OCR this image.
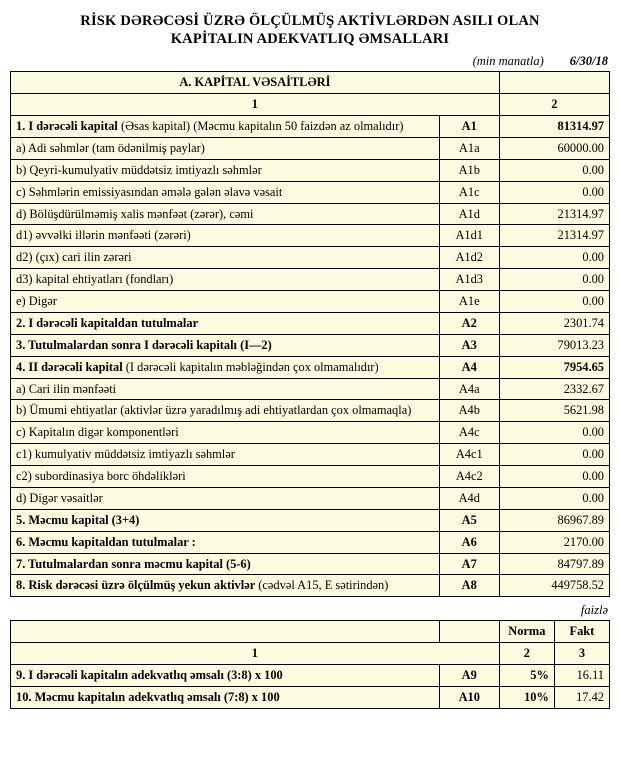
RİSK DƏRƏCƏSİ ÜZRƏ ÖLÇÜLMÜŞ AKTİVLƏRDƏN ASILI OLAN
KAPİTALIN ADEKVATLIQ ƏMSALLARI
(min manatla) 6/30/18
A. KAPİTAL VƏSAİTLƏRİ		
1		2
1. I dərəcəli kapital (Əsas kapital) (Məcmu kapitalın 50 faizdən az olmalıdır)	A1	81314.97
a) Adi səhmlər (tam ödənilmiş paylar)	A1a	60000.00
b) Qeyri-kumulyativ müddətsiz imtiyazlı səhmlər	A1b	0.00
c) Səhmlərin emissiyasından əmələ gələn əlavə vəsait	A1c	0.00
d) Bölüşdürülməmiş xalis mənfəət (zərər), cəmi	A1d	21314.97
d1) əvvəlki illərin mənfəəti (zərəri)	A1d1	21314.97
d2) (çıx) cari ilin zərəri	A1d2	0.00
d3) kapital ehtiyatları (fondları)	A1d3	0.00
e) Digər	A1e	0.00
2. I dərəcəli kapitaldan tutulmalar	A2	2301.74
3. Tutulmalardan sonra I dərəcəli kapitalı (I—2)	A3	79013.23
4. II dərəcəli kapital (I dərəcəli kapitalın məbləğindən çox olmamalıdır)	A4	7954.65
a) Cari ilin mənfəəti	A4a	2332.67
b) Ümumi ehtiyatlar (aktivlər üzrə yaradılmış adi ehtiyatlardan çox olmamaqla)	A4b	5621.98
c) Kapitalın digər komponentləri	A4c	0.00
c1) kumulyativ müddətsiz imtiyazlı səhmlər	A4c1	0.00
c2) subordinasiya borc öhdəlikləri	A4c2	0.00
d) Digər vəsaitlər	A4d	0.00
5. Məcmu kapital (3+4)	A5	86967.89
6. Məcmu kapitaldan tutulmalar :	A6	2170.00
7. Tutulmalardan sonra məcmu kapital (5-6)	A7	84797.89
8. Risk dərəcəsi üzrə ölçülmüş yekun aktivlər (cədvəl A15, E sətirindən)	A8	449758.52
faizlə
		Norma	Fakt
1		2	3
9. I dərəcəli kapitalın adekvatlıq əmsalı (3:8) x 100	A9	5%	16.11
10. Məcmu kapitalın adekvatlıq əmsalı (7:8) x 100	A10	10%	17.42
